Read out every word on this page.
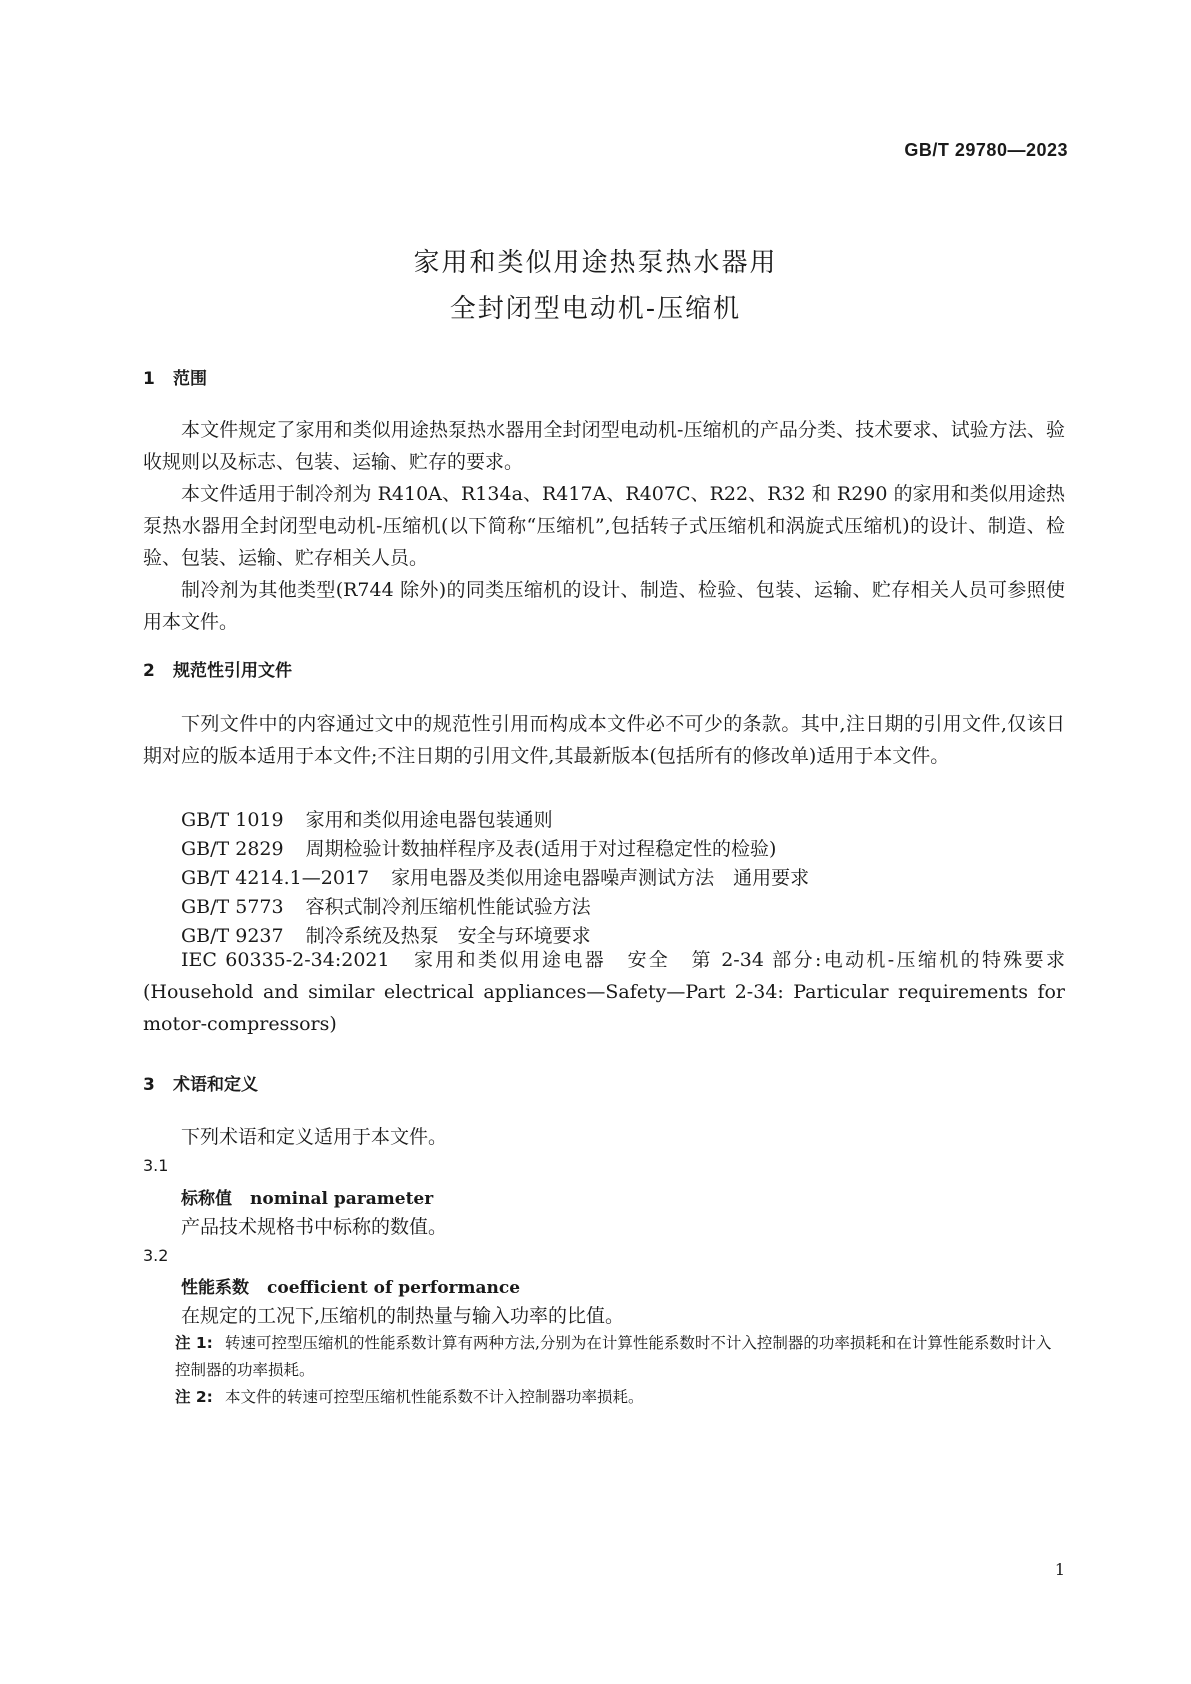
GB/T 29780—2023
家用和类似用途热泵热水器用
全封闭型电动机-压缩机
1 范围

本文件规定了家用和类似用途热泵热水器用全封闭型电动机-压缩机的产品分类、技术要求、试验方法、验收规则以及标志、包装、运输、贮存的要求。

本文件适用于制冷剂为 R410A、R134a、R417A、R407C、R22、R32 和 R290 的家用和类似用途热泵热水器用全封闭型电动机-压缩机(以下简称“压缩机”,包括转子式压缩机和涡旋式压缩机)的设计、制造、检验、包装、运输、贮存相关人员。

制冷剂为其他类型(R744 除外)的同类压缩机的设计、制造、检验、包装、运输、贮存相关人员可参照使用本文件。

2 规范性引用文件

下列文件中的内容通过文中的规范性引用而构成本文件必不可少的条款。其中,注日期的引用文件,仅该日期对应的版本适用于本文件;不注日期的引用文件,其最新版本(包括所有的修改单)适用于本文件。

GB/T 1019 家用和类似用途电器包装通则
GB/T 2829 周期检验计数抽样程序及表(适用于对过程稳定性的检验)
GB/T 4214.1—2017 家用电器及类似用途电器噪声测试方法　通用要求
GB/T 5773 容积式制冷剂压缩机性能试验方法
GB/T 9237 制冷系统及热泵　安全与环境要求
IEC 60335-2-34:2021 家用和类似用途电器　安全　第 2-34 部分:电动机-压缩机的特殊要求(Household and similar electrical appliances—Safety—Part 2-34: Particular requirements for motor-compressors)
3 术语和定义
下列术语和定义适用于本文件。
3.1
标称值 nominal parameter
产品技术规格书中标称的数值。
3.2
性能系数 coefficient of performance
在规定的工况下,压缩机的制热量与输入功率的比值。
注 1: 转速可控型压缩机的性能系数计算有两种方法,分别为在计算性能系数时不计入控制器的功率损耗和在计算性能系数时计入控制器的功率损耗。
注 2: 本文件的转速可控型压缩机性能系数不计入控制器功率损耗。
1
